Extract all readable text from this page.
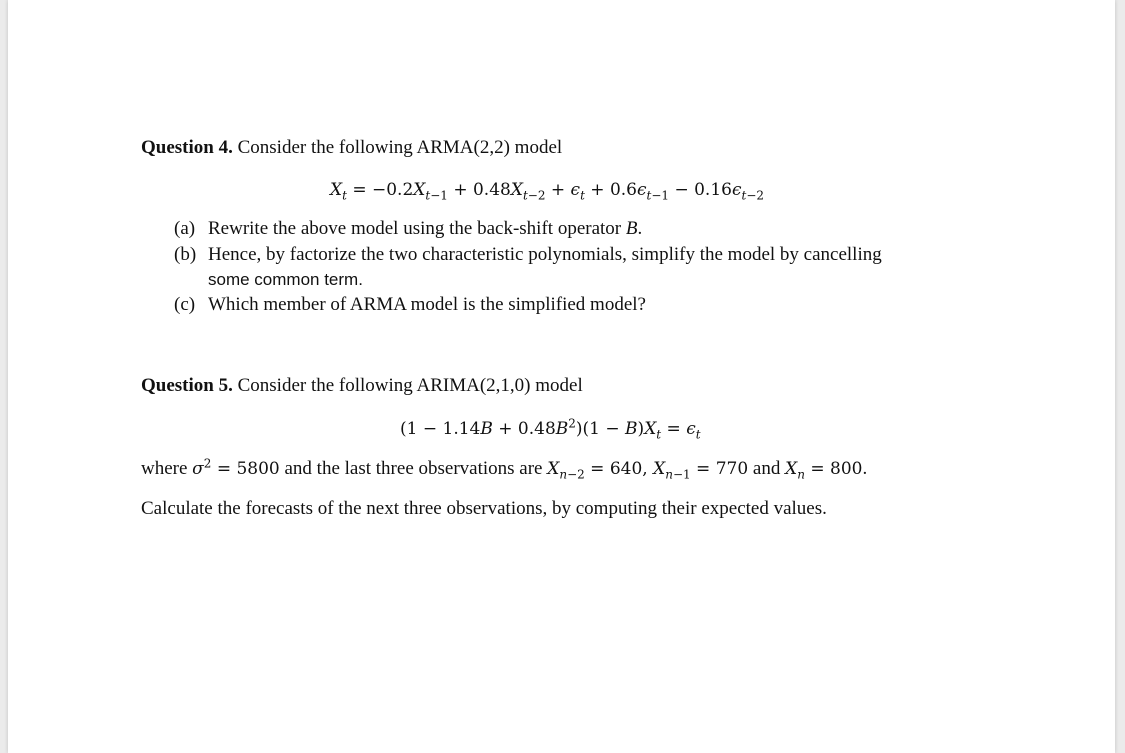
Question 4. Consider the following ARMA(2,2) model
$X_t = -0.2X_{t-1} + 0.48X_{t-2} + \epsilon_t + 0.6\epsilon_{t-1} - 0.16\epsilon_{t-2}$
(a) Rewrite the above model using the back-shift operator B.
(b) Hence, by factorize the two characteristic polynomials, simplify the model by cancelling
some common term.
(c) Which member of ARMA model is the simplified model?
Question 5. Consider the following ARIMA(2,1,0) model
$(1 - 1.14B + 0.48B^2)(1 - B)X_t = \epsilon_t$
where $\sigma^2 = 5800$ and the last three observations are $X_{n-2} = 640$, $X_{n-1} = 770$ and $X_n = 800$.
Calculate the forecasts of the next three observations, by computing their expected values.
